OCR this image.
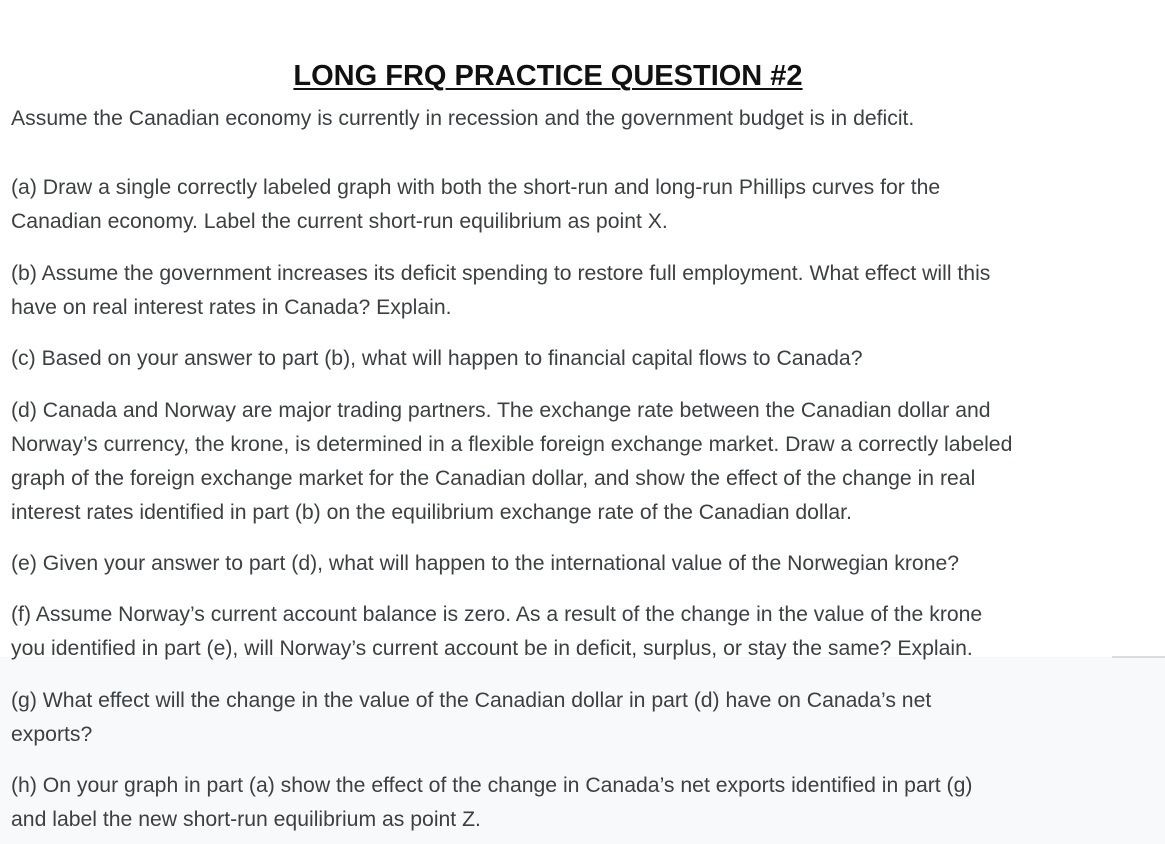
LONG FRQ PRACTICE QUESTION #2

Assume the Canadian economy is currently in recession and the government budget is in deficit.

(a) Draw a single correctly labeled graph with both the short-run and long-run Phillips curves for the
Canadian economy. Label the current short-run equilibrium as point X.

(b) Assume the government increases its deficit spending to restore full employment. What effect will this
have on real interest rates in Canada? Explain.

(c) Based on your answer to part (b), what will happen to financial capital flows to Canada?

(d) Canada and Norway are major trading partners. The exchange rate between the Canadian dollar and
Norway’s currency, the krone, is determined in a flexible foreign exchange market. Draw a correctly labeled
graph of the foreign exchange market for the Canadian dollar, and show the effect of the change in real
interest rates identified in part (b) on the equilibrium exchange rate of the Canadian dollar.

(e) Given your answer to part (d), what will happen to the international value of the Norwegian krone?

(f) Assume Norway’s current account balance is zero. As a result of the change in the value of the krone
you identified in part (e), will Norway’s current account be in deficit, surplus, or stay the same? Explain.

(g) What effect will the change in the value of the Canadian dollar in part (d) have on Canada’s net
exports?

(h) On your graph in part (a) show the effect of the change in Canada’s net exports identified in part (g)
and label the new short-run equilibrium as point Z.
